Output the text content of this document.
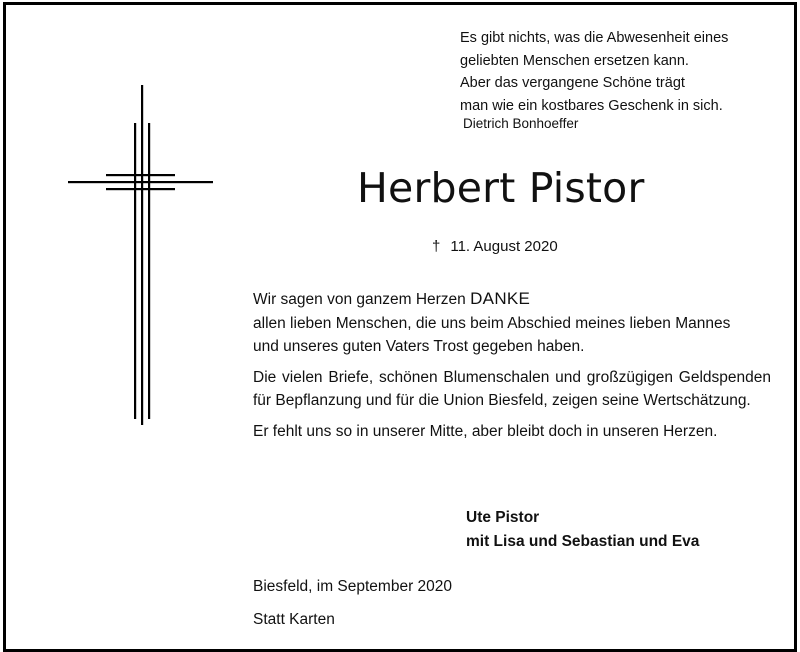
Es gibt nichts, was die Abwesenheit eines
geliebten Menschen ersetzen kann.
Aber das vergangene Schöne trägt
man wie ein kostbares Geschenk in sich.
Dietrich Bonhoeffer
Herbert Pistor
† 11. August 2020

Wir sagen von ganzem Herzen DANKE
allen lieben Menschen, die uns beim Abschied meines lieben Mannes
und unseres guten Vaters Trost gegeben haben.

Die vielen Briefe, schönen Blumenschalen und großzügigen Geldspenden für Bepflanzung und für die Union Biesfeld, zeigen seine Wertschätzung.

Er fehlt uns so in unserer Mitte, aber bleibt doch in unseren Herzen.

Ute Pistor
mit Lisa und Sebastian und Eva
Biesfeld, im September 2020
Statt Karten
